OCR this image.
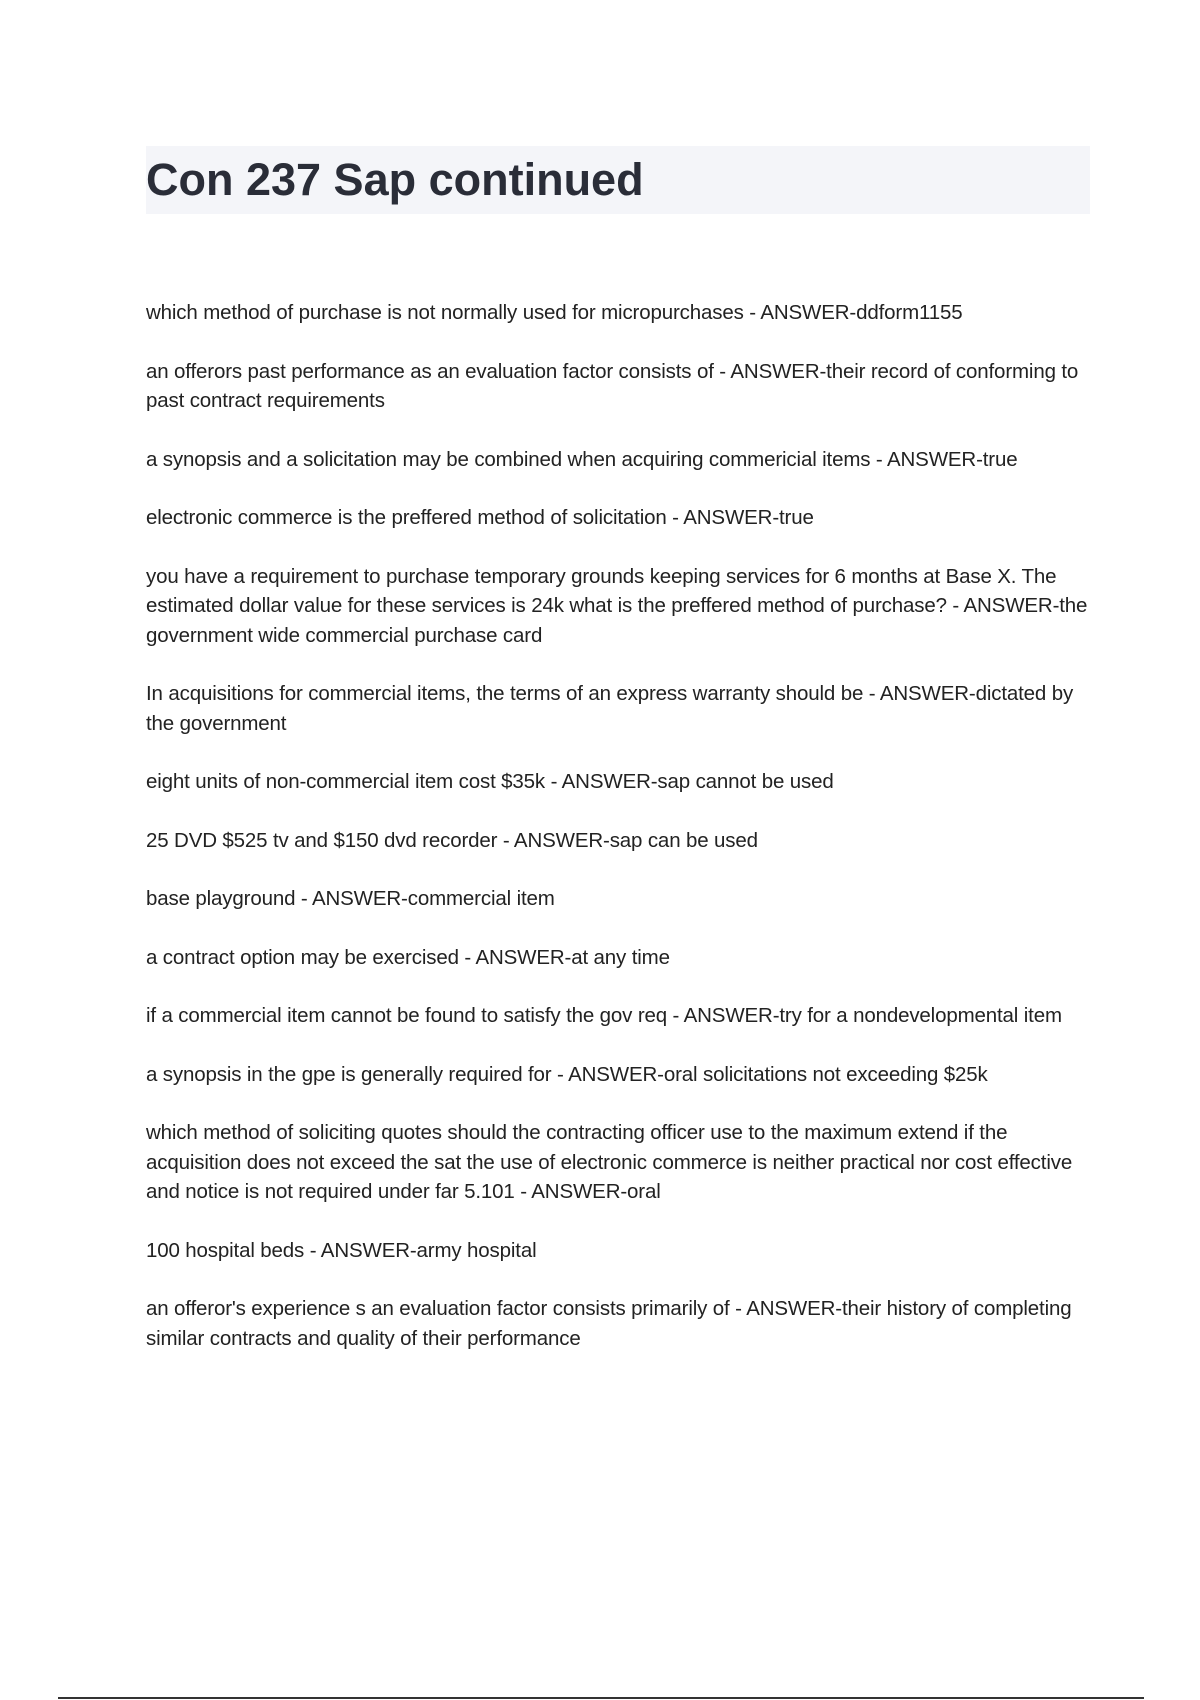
Con 237 Sap continued
which method of purchase is not normally used for micropurchases - ANSWER-ddform1155
an offerors past performance as an evaluation factor consists of - ANSWER-their record of conforming to past contract requirements
a synopsis and a solicitation may be combined when acquiring commericial items - ANSWER-true
electronic commerce is the preffered method of solicitation - ANSWER-true
you have a requirement to purchase temporary grounds keeping services for 6 months at Base X. The estimated dollar value for these services is 24k what is the preffered method of purchase? - ANSWER-the government wide commercial purchase card
In acquisitions for commercial items, the terms of an express warranty should be - ANSWER-dictated by the government
eight units of non-commercial item cost $35k - ANSWER-sap cannot be used
25 DVD $525 tv and $150 dvd recorder - ANSWER-sap can be used
base playground - ANSWER-commercial item
a contract option may be exercised - ANSWER-at any time
if a commercial item cannot be found to satisfy the gov req - ANSWER-try for a nondevelopmental item
a synopsis in the gpe is generally required for - ANSWER-oral solicitations not exceeding $25k
which method of soliciting quotes should the contracting officer use to the maximum extend if the acquisition does not exceed the sat the use of electronic commerce is neither practical nor cost effective and notice is not required under far 5.101 - ANSWER-oral
100 hospital beds - ANSWER-army hospital
an offeror's experience s an evaluation factor consists primarily of - ANSWER-their history of completing similar contracts and quality of their performance
